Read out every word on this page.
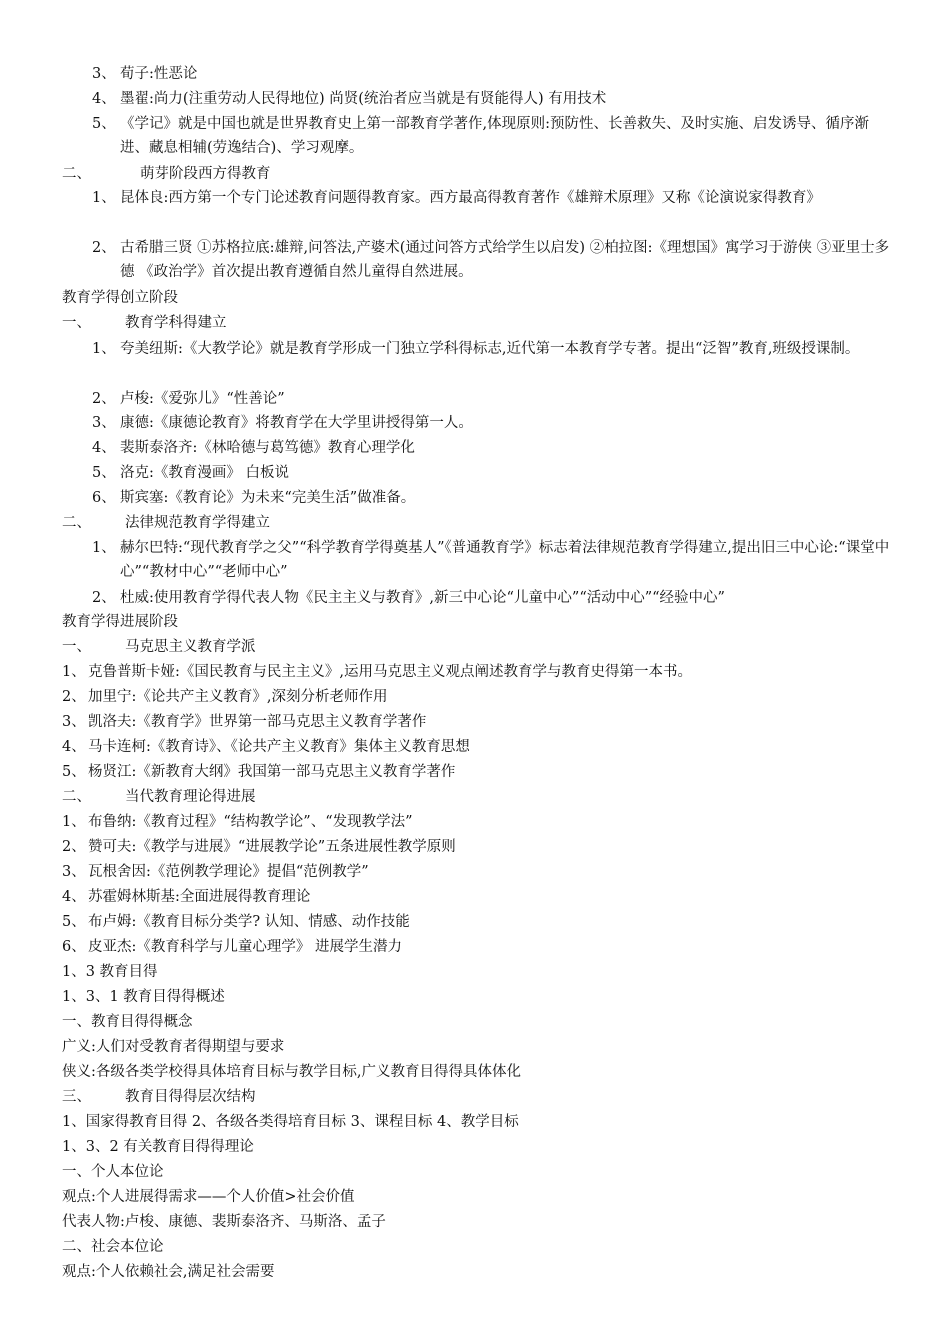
3、 荀子:性恶论
4、 墨翟:尚力(注重劳动人民得地位) 尚贤(统治者应当就是有贤能得人) 有用技术
5、 《学记》就是中国也就是世界教育史上第一部教育学著作,体现原则:预防性、长善救失、及时实施、启发诱导、循序渐进、藏息相辅(劳逸结合)、学习观摩。
二、	萌芽阶段西方得教育
1、 昆体良:西方第一个专门论述教育问题得教育家。西方最高得教育著作《雄辩术原理》又称《论演说家得教育》
2、 古希腊三贤 ①苏格拉底:雄辩,问答法,产婆术(通过问答方式给学生以启发) ②柏拉图:《理想国》寓学习于游侠 ③亚里士多德 《政治学》首次提出教育遵循自然儿童得自然进展。
教育学得创立阶段
一、 教育学科得建立
1、 夸美纽斯:《大教学论》就是教育学形成一门独立学科得标志,近代第一本教育学专著。提出“泛智”教育,班级授课制。
2、 卢梭:《爱弥儿》“性善论”
3、 康德:《康德论教育》将教育学在大学里讲授得第一人。
4、 裴斯泰洛齐:《林哈德与葛笃德》教育心理学化
5、 洛克:《教育漫画》 白板说
6、 斯宾塞:《教育论》为未来“完美生活”做准备。
二、 法律规范教育学得建立
1、 赫尔巴特:“现代教育学之父”“科学教育学得奠基人”《普通教育学》标志着法律规范教育学得建立,提出旧三中心论:“课堂中心”“教材中心”“老师中心”
2、 杜威:使用教育学得代表人物《民主主义与教育》,新三中心论“儿童中心”“活动中心”“经验中心”
教育学得进展阶段
一、 马克思主义教育学派
1、 克鲁普斯卡娅:《国民教育与民主主义》,运用马克思主义观点阐述教育学与教育史得第一本书。
2、 加里宁:《论共产主义教育》,深刻分析老师作用
3、 凯洛夫:《教育学》世界第一部马克思主义教育学著作
4、 马卡连柯:《教育诗》、《论共产主义教育》集体主义教育思想
5、 杨贤江:《新教育大纲》我国第一部马克思主义教育学著作
二、 当代教育理论得进展
1、 布鲁纳:《教育过程》“结构教学论”、“发现教学法”
2、 赞可夫:《教学与进展》“进展教学论”五条进展性教学原则
3、 瓦根舍因:《范例教学理论》提倡“范例教学”
4、 苏霍姆林斯基:全面进展得教育理论
5、 布卢姆:《教育目标分类学? 认知、情感、动作技能
6、 皮亚杰:《教育科学与儿童心理学》 进展学生潜力
1、3 教育目得
1、3、1 教育目得得概述
一、教育目得得概念
广义:人们对受教育者得期望与要求
侠义:各级各类学校得具体培育目标与教学目标,广义教育目得得具体体化
三、 教育目得得层次结构
1、国家得教育目得 2、各级各类得培育目标 3、课程目标 4、教学目标
1、3、2 有关教育目得得理论
一、个人本位论
观点:个人进展得需求——个人价值>社会价值
代表人物:卢梭、康德、裴斯泰洛齐、马斯洛、孟子
二、社会本位论
观点:个人依赖社会,满足社会需要
